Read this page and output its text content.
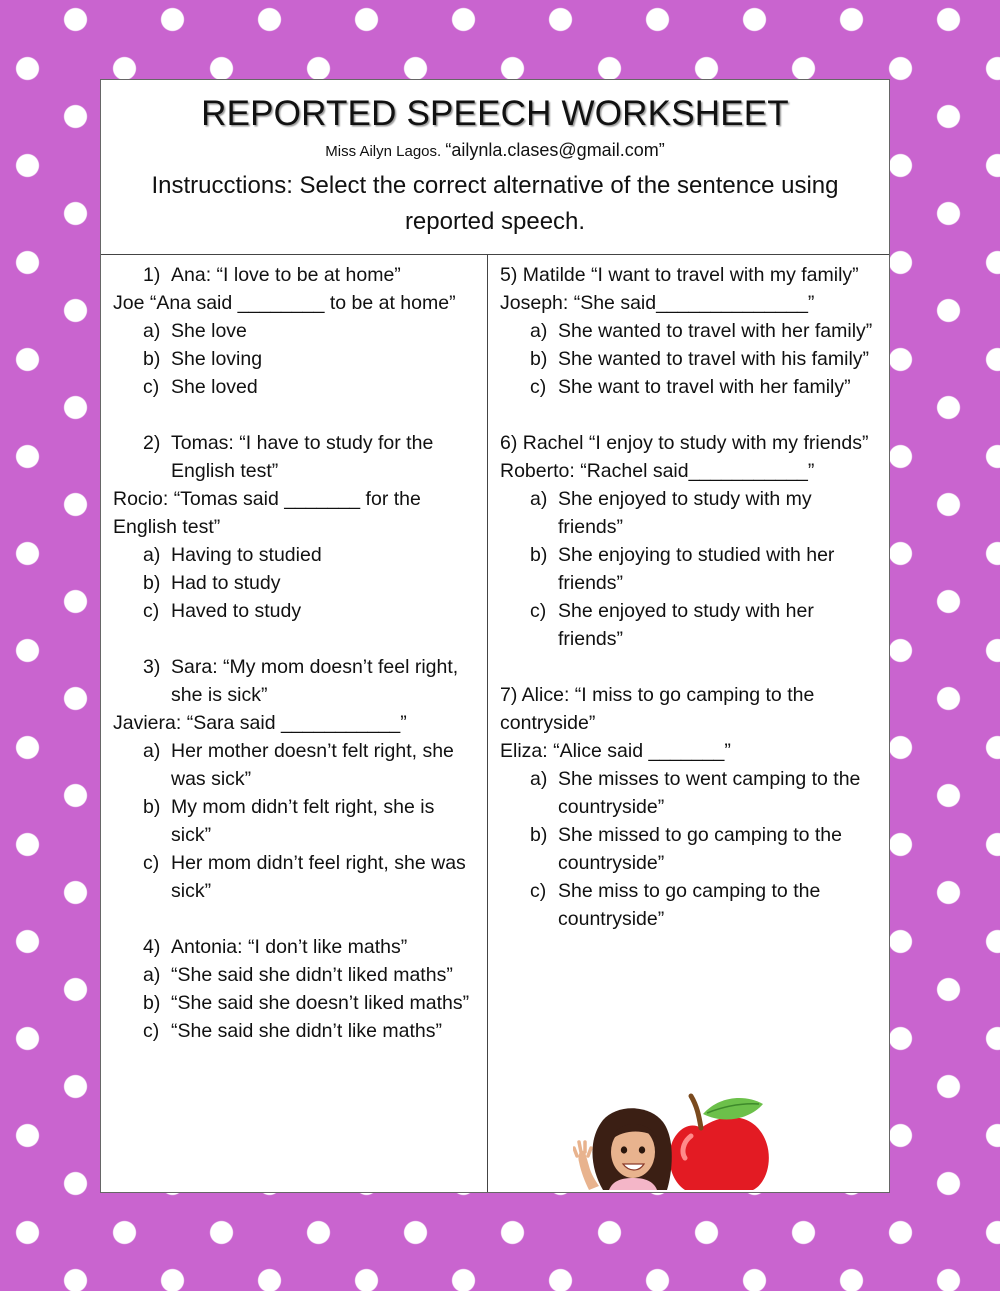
REPORTED SPEECH WORKSHEET
Miss Ailyn Lagos. “ailynla.clases@gmail.com”
Instrucctions: Select the correct alternative of the sentence using reported speech.
1) Ana: “I love to be at home”
Joe “Ana said ________ to be at home”
a) She love
b) She loving
c) She loved
2) Tomas: “I have to study for the English test”
Rocio: “Tomas said _______ for the English test”
a) Having to studied
b) Had to study
c) Haved to study
3) Sara: “My mom doesn’t feel right, she is sick”
Javiera: “Sara said ___________”
a) Her mother doesn’t felt right, she was sick”
b) My mom didn’t felt right, she is sick”
c) Her mom didn’t feel right, she was sick”
4) Antonia: “I don’t like maths”
a) “She said she didn’t liked maths”
b) “She said she doesn’t liked maths”
c) “She said she didn’t like maths”
5) Matilde “I want to travel with my family”
Joseph: “She said______________”
a) She wanted to travel with her family”
b) She wanted to travel with his family”
c) She want to travel with her family”
6) Rachel “I enjoy to study with my friends”
Roberto: “Rachel said___________”
a) She enjoyed to study with my friends”
b) She enjoying to studied with her friends”
c) She enjoyed to study with her friends”
7) Alice: “I miss to go camping to the contryside”
Eliza: “Alice said _______”
a) She misses to went camping to the countryside”
b) She missed to go camping to the countryside”
c) She miss to go camping to the countryside”
